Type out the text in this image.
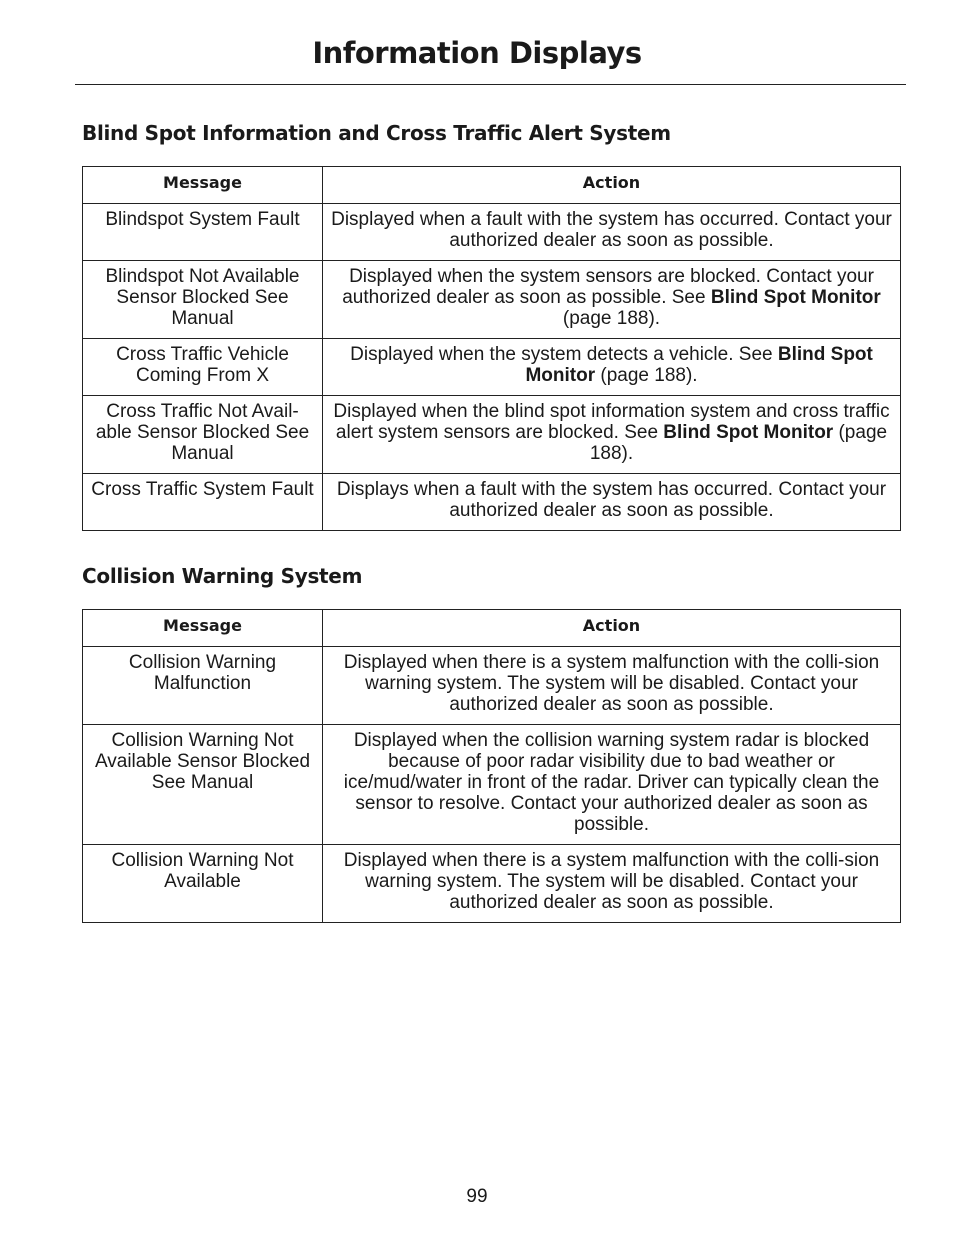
Information Displays
Blind Spot Information and Cross Traffic Alert System
Message	Action
Blindspot System Fault	Displayed when a fault with the system has occurred. Contact your authorized dealer as soon as possible.
Blindspot Not Available Sensor Blocked See Manual	Displayed when the system sensors are blocked. Contact your authorized dealer as soon as possible. See Blind Spot Monitor (page 188).
Cross Traffic Vehicle Coming From X	Displayed when the system detects a vehicle. See Blind Spot Monitor (page 188).
Cross Traffic Not Avail-able Sensor Blocked See Manual	Displayed when the blind spot information system and cross traffic alert system sensors are blocked. See Blind Spot Monitor (page 188).
Cross Traffic System Fault	Displays when a fault with the system has occurred. Contact your authorized dealer as soon as possible.
Collision Warning System
Message	Action
Collision Warning Malfunction	Displayed when there is a system malfunction with the colli-sion warning system. The system will be disabled. Contact your authorized dealer as soon as possible.
Collision Warning Not Available Sensor Blocked See Manual	Displayed when the collision warning system radar is blocked because of poor radar visibility due to bad weather or ice/mud/water in front of the radar. Driver can typically clean the sensor to resolve. Contact your authorized dealer as soon as possible.
Collision Warning Not Available	Displayed when there is a system malfunction with the colli-sion warning system. The system will be disabled. Contact your authorized dealer as soon as possible.
99
